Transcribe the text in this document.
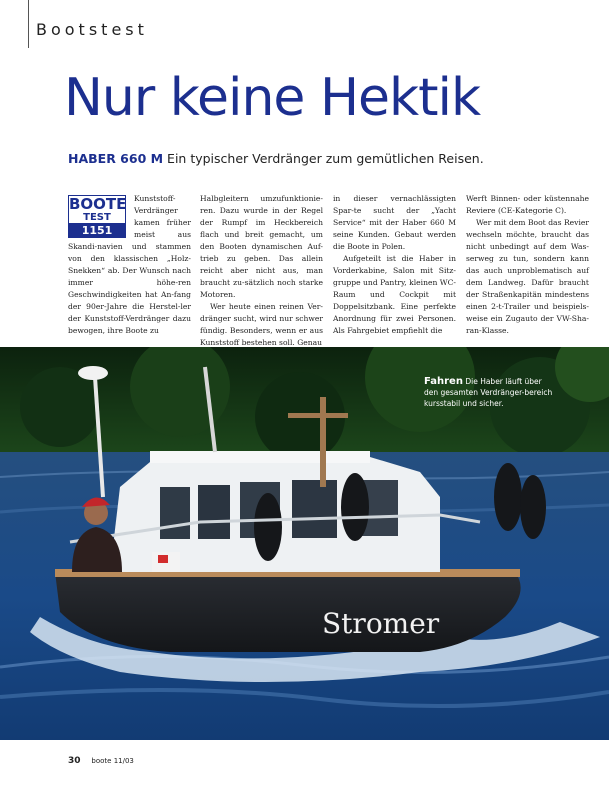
Bootstest
Nur keine Hektik
HABER 660 M Ein typischer Verdränger zum gemütlichen Reisen.
BOOTE
TEST
1151

Kunststoff-Verdränger kamen früher meist aus Skandi-navien und stammen von den klassischen „Holz-Snekken“ ab. Der Wunsch nach immer höhe-ren Geschwindigkeiten hat An-fang der 90er-Jahre die Herstel-ler der Kunststoff-Verdränger dazu bewogen, ihre Boote zu

Halbgleitern umzufunktionie-ren. Dazu wurde in der Regel der Rumpf im Heckbereich flach und breit gemacht, um den Booten dynamischen Auf-trieb zu geben. Das allein reicht aber nicht aus, man braucht zu-sätzlich noch starke Motoren.

Wer heute einen reinen Ver-dränger sucht, wird nur schwer fündig. Besonders, wenn er aus Kunststoff bestehen soll. Genau

in dieser vernachlässigten Spar-te sucht der „Yacht Service“ mit der Haber 660 M seine Kunden. Gebaut werden die Boote in Polen.

Aufgeteilt ist die Haber in Vorderkabine, Salon mit Sitz-gruppe und Pantry, kleinen WC-Raum und Cockpit mit Doppelsitzbank. Eine perfekte Anordnung für zwei Personen. Als Fahrgebiet empfiehlt die

Werft Binnen- oder küstennahe Reviere (CE-Kategorie C).

Wer mit dem Boot das Revier wechseln möchte, braucht das nicht unbedingt auf dem Was-serweg zu tun, sondern kann das auch unproblematisch auf dem Landweg. Dafür braucht der Straßenkapitän mindestens einen 2-t-Trailer und beispiels-weise ein Zugauto der VW-Sha-ran-Klasse.

Stromer
Fahren Die Haber läuft über den gesamten Verdränger-bereich kursstabil und sicher.
30 boote 11/03
